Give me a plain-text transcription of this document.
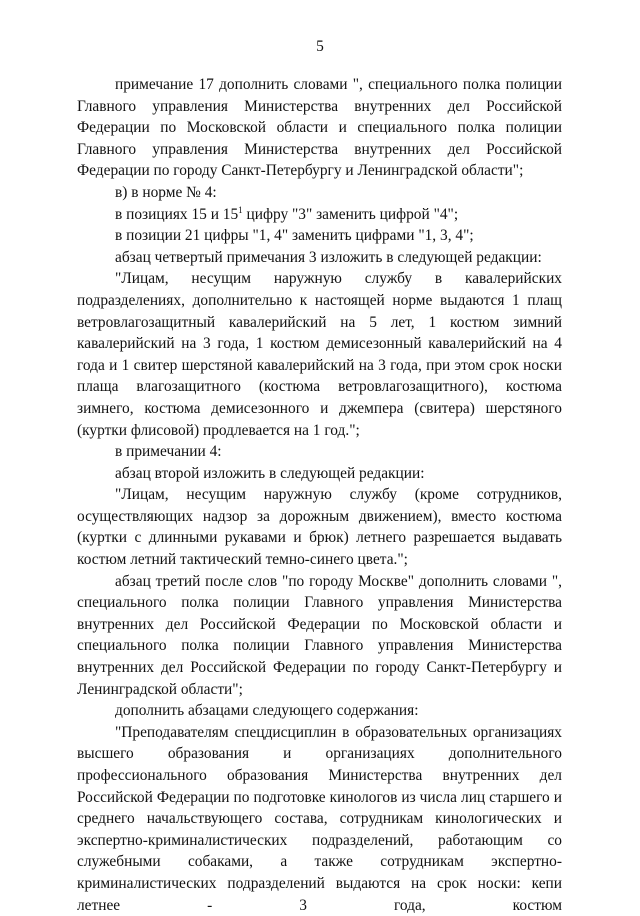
5

примечание 17 дополнить словами ", специального полка полиции Главного управления Министерства внутренних дел Российской Федерации по Московской области и специального полка полиции Главного управления Министерства внутренних дел Российской Федерации по городу Санкт-Петербургу и Ленинградской области";

в) в норме № 4:

в позициях 15 и $15^1$ цифру "3" заменить цифрой "4";

в позиции 21 цифры "1, 4" заменить цифрами "1, 3, 4";

абзац четвертый примечания 3 изложить в следующей редакции:

"Лицам, несущим наружную службу в кавалерийских подразделениях, дополнительно к настоящей норме выдаются 1 плащ ветровлагозащитный кавалерийский на 5 лет, 1 костюм зимний кавалерийский на 3 года, 1 костюм демисезонный кавалерийский на 4 года и 1 свитер шерстяной кавалерийский на 3 года, при этом срок носки плаща влагозащитного (костюма ветровлагозащитного), костюма зимнего, костюма демисезонного и джемпера (свитера) шерстяного (куртки флисовой) продлевается на 1 год.";

в примечании 4:

абзац второй изложить в следующей редакции:

"Лицам, несущим наружную службу (кроме сотрудников, осуществляющих надзор за дорожным движением), вместо костюма (куртки с длинными рукавами и брюк) летнего разрешается выдавать костюм летний тактический темно-синего цвета.";

абзац третий после слов "по городу Москве" дополнить словами ", специального полка полиции Главного управления Министерства внутренних дел Российской Федерации по Московской области и специального полка полиции Главного управления Министерства внутренних дел Российской Федерации по городу Санкт-Петербургу и Ленинградской области";

дополнить абзацами следующего содержания:

"Преподавателям спецдисциплин в образовательных организациях высшего образования и организациях дополнительного профессионального образования Министерства внутренних дел Российской Федерации по подготовке кинологов из числа лиц старшего и среднего начальствующего состава, сотрудникам кинологических и экспертно-криминалистических подразделений, работающим со служебными собаками, а также сотрудникам экспертно-криминалистических подразделений выдаются на срок носки: кепи летнее - 3 года, костюм
